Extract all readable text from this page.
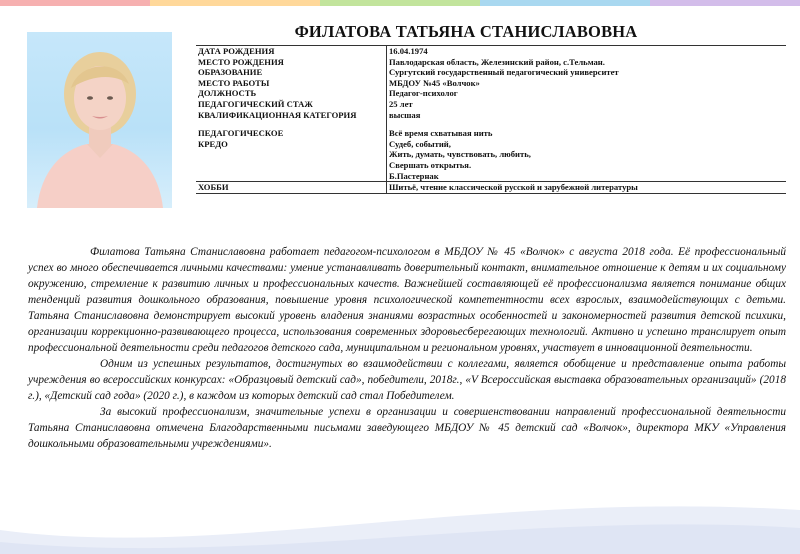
ФИЛАТОВА ТАТЬЯНА СТАНИСЛАВОВНА
ДАТА РОЖДЕНИЯ	16.04.1974
МЕСТО РОЖДЕНИЯ	Павлодарская область, Железинский район, с.Тельман.
ОБРАЗОВАНИЕ	Сургутский государственный педагогический университет
МЕСТО РАБОТЫ	МБДОУ №45 «Волчок»
ДОЛЖНОСТЬ	Педагог-психолог
ПЕДАГОГИЧЕСКИЙ СТАЖ	25 лет
КВАЛИФИКАЦИОННАЯ КАТЕГОРИЯ	высшая

ПЕДАГОГИЧЕСКОЕ	Всё время схватывая нить
КРЕДО	Судеб, событий,
	Жить, думать, чувствовать, любить,
	Свершать открытья.
	Б.Пастернак
ХОББИ	Шитьё, чтение классической русской и зарубежной литературы

Филатова Татьяна Станиславовна работает педагогом-психологом в МБДОУ № 45 «Волчок» с августа 2018 года. Её профессиональный успех во много обеспечивается личными качествами: умение устанавливать доверительный контакт, внимательное отношение к детям и их социальному окружению, стремление к развитию личных и профессиональных качеств. Важнейшей составляющей её профессионализма является понимание общих тенденций развития дошкольного образования, повышение уровня психологической компетентности всех взрослых, взаимодействующих с детьми. Татьяна Станиславовна демонстрирует высокий уровень владения знаниями возрастных особенностей и закономерностей развития детской психики, организации коррекционно-развивающего процесса, использования современных здоровьесберегающих технологий. Активно и успешно транслирует опыт профессиональной деятельности среди педагогов детского сада, муниципальном и региональном уровнях, участвует в инновационной деятельности.

Одним из успешных результатов, достигнутых во взаимодействии с коллегами, является обобщение и представление опыта работы учреждения во всероссийских конкурсах: «Образцовый детский сад», победители, 2018г., «V Всероссийская выставка образовательных организаций» (2018 г.), «Детский сад года» (2020 г.), в каждом из которых детский сад стал Победителем.

За высокий профессионализм, значительные успехи в организации и совершенствовании направлений профессиональной деятельности Татьяна Станиславовна отмечена Благодарственными письмами заведующего МБДОУ № 45 детский сад «Волчок», директора МКУ «Управления дошкольными образовательными учреждениями».
